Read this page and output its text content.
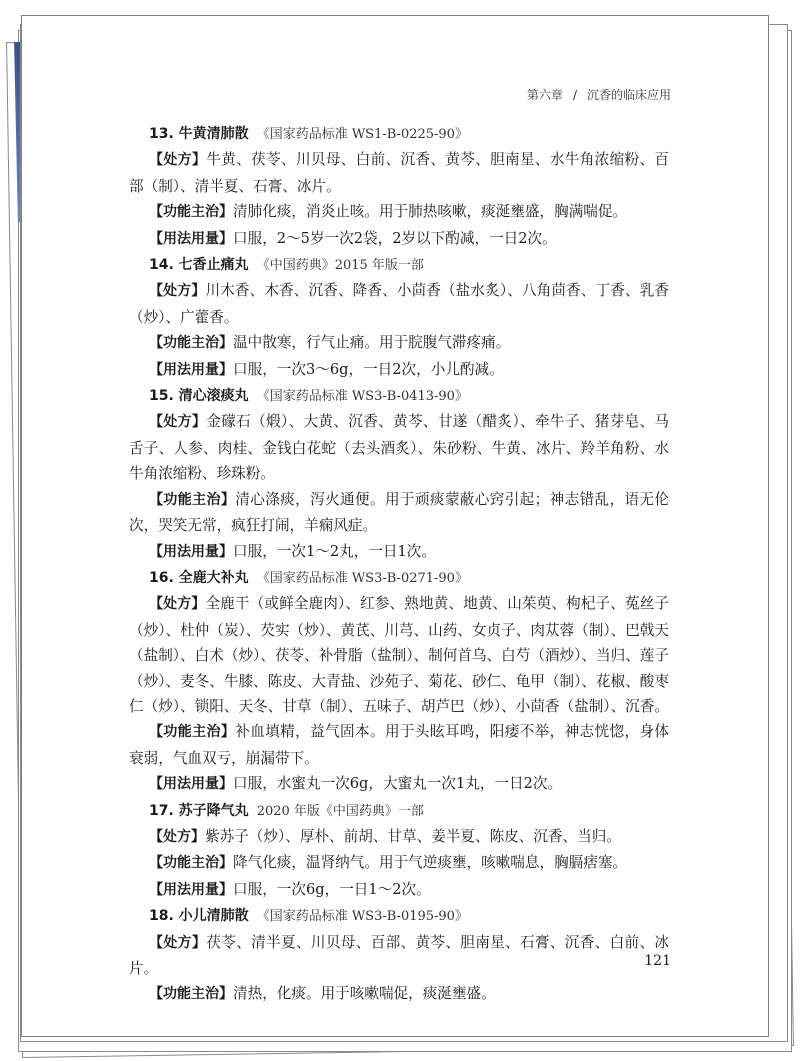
第六章 / 沉香的临床应用

13. 牛黄清肺散 《国家药品标准 WS1-B-0225-90》

【处方】牛黄、茯苓、川贝母、白前、沉香、黄芩、胆南星、水牛角浓缩粉、百部（制）、清半夏、石膏、冰片。

【功能主治】清肺化痰，消炎止咳。用于肺热咳嗽，痰涎壅盛，胸满喘促。

【用法用量】口服，2～5岁一次2袋，2岁以下酌减，一日2次。

14. 七香止痛丸 《中国药典》2015 年版一部

【处方】川木香、木香、沉香、降香、小茴香（盐水炙）、八角茴香、丁香、乳香（炒）、广藿香。

【功能主治】温中散寒，行气止痛。用于脘腹气滞疼痛。

【用法用量】口服，一次3～6g，一日2次，小儿酌减。

15. 清心滚痰丸 《国家药品标准 WS3-B-0413-90》

【处方】金礞石（煅）、大黄、沉香、黄芩、甘遂（醋炙）、牵牛子、猪芽皂、马舌子、人参、肉桂、金钱白花蛇（去头酒炙）、朱砂粉、牛黄、冰片、羚羊角粉、水牛角浓缩粉、珍珠粉。

【功能主治】清心涤痰，泻火通便。用于顽痰蒙蔽心窍引起；神志错乱，语无伦次，哭笑无常，疯狂打闹，羊痫风症。

【用法用量】口服，一次1～2丸，一日1次。

16. 全鹿大补丸 《国家药品标准 WS3-B-0271-90》

【处方】全鹿干（或鲜全鹿肉）、红参、熟地黄、地黄、山茱萸、枸杞子、菟丝子（炒）、杜仲（炭）、芡实（炒）、黄芪、川芎、山药、女贞子、肉苁蓉（制）、巴戟天（盐制）、白术（炒）、茯苓、补骨脂（盐制）、制何首乌、白芍（酒炒）、当归、莲子（炒）、麦冬、牛膝、陈皮、大青盐、沙苑子、菊花、砂仁、龟甲（制）、花椒、酸枣仁（炒）、锁阳、天冬、甘草（制）、五味子、胡芦巴（炒）、小茴香（盐制）、沉香。

【功能主治】补血填精，益气固本。用于头眩耳鸣，阳痿不举，神志恍惚，身体衰弱，气血双亏，崩漏带下。

【用法用量】口服，水蜜丸一次6g，大蜜丸一次1丸，一日2次。

17. 苏子降气丸 2020 年版《中国药典》一部

【处方】紫苏子（炒）、厚朴、前胡、甘草、姜半夏、陈皮、沉香、当归。

【功能主治】降气化痰，温肾纳气。用于气逆痰壅，咳嗽喘息，胸膈痞塞。

【用法用量】口服，一次6g，一日1～2次。

18. 小儿清肺散 《国家药品标准 WS3-B-0195-90》

【处方】茯苓、清半夏、川贝母、百部、黄芩、胆南星、石膏、沉香、白前、冰片。

【功能主治】清热，化痰。用于咳嗽喘促，痰涎壅盛。

121
